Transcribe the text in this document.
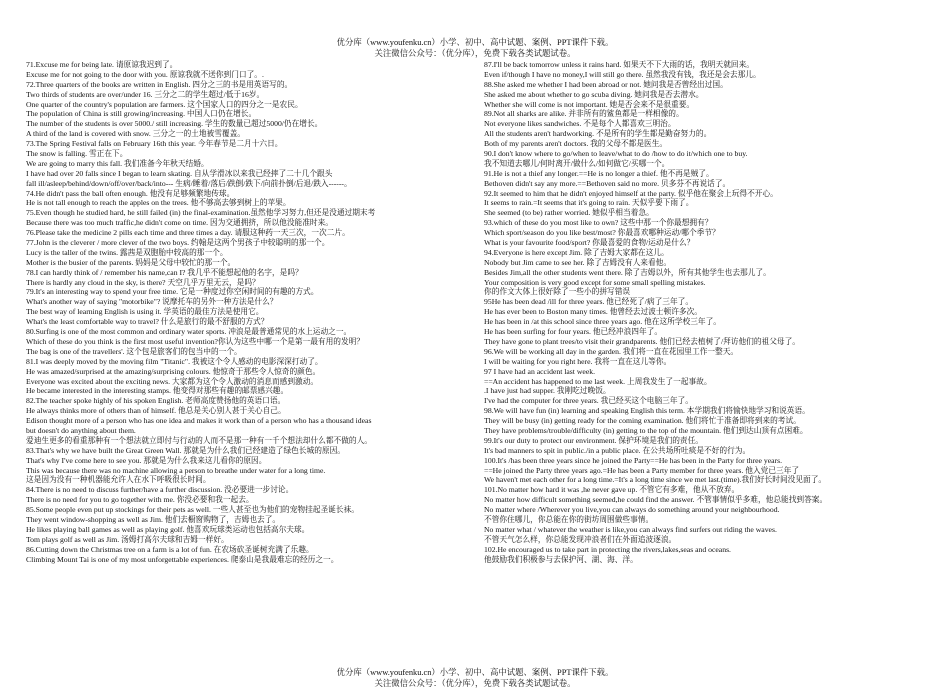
优分库（www.youfenku.cn）小学、初中、高中试题、案例、PPT课件下载。
关注微信公众号：（优分库），免费下载各类试题试卷。
71.Excuse me for being late. 请原谅我迟到了。
Excuse me for not going to the door with you. 原谅我就不送你到门口了。.
72.Three quarters of the books are written in English. 四分之三的书是用英语写的。
Two thirds of students are over/under 16. 三分之二的学生超过/低于16岁。
One quarter of the country's population are farmers. 这个国家人口的四分之一是农民。
The population of China is still growing/increasing. 中国人口仍在增长。
The number of the students is over 5000./ still increasing. 学生的数量已超过5000/仍在增长。
A third of the land is covered with snow. 三分之一的土地被雪覆盖。
73.The Spring Festival falls on February 16th this year. 今年春节是二月十六日。
The snow is falling. 雪正在下。
We are going to marry this fall. 我们准备今年秋天结婚。
I have had over 20 falls since I began to learn skating. 自从学滑冰以来我已经摔了二十几个跟头
fall ill/asleep/behind/down/off/over/back/into--- 生病/睡着/落后/跌倒/跌下/向前扑倒/后退/跌入------。
74.He didn't pass the ball often enough. 他没有足够频繁地传球。
He is not tall enough to reach the apples on the trees. 他不够高去够到树上的苹果。
75.Even though he studied hard, he still failed (in) the final-examination.虽然他学习努力,但还是没通过期末考
Because there was too much traffic,he didn't come on time. 因为交通拥挤，所以他没能准时来。
76.Please take the medicine 2 pills each time and three times a day. 请服这种药一天三次，一次二片。
77.John is the cleverer / more clever of the two boys. 约翰是这两个男孩子中较聪明的那一个。
Lucy is the taller of the twins. 露茜是双胞胎中较高的那一个。
Mother is the busier of the parents. 妈妈是父母中较忙的那一个。
78.I can hardly think of / remember his name,can I? 我几乎不能想起他的名字，是吗？
There is hardly any cloud in the sky, is there? 天空几乎万里无云，是吗？
79.It's an interesting way to spend your free time. 它是一种度过你空闲时间的有趣的方式。
What's another way of saying "motorbike"? 说摩托车的另外一种方法是什么？
The best way of learning English is using it. 学英语的最佳方法是使用它。
What's the least comfortable way to travel? 什么是旅行的最不舒服的方式？
80.Surfing is one of the most common and ordinary water sports. 冲浪是最普通常见的水上运动之一。
Which of these do you think is the first most useful invention?你认为这些中哪一个是第一最有用的发明？
The bag is one of the travellers'. 这个包是旅客们的包当中的一个。
81.I was deeply moved by the moving film "Titanic". 我被这个令人感动的电影深深打动了。
He was amazed/surprised at the amazing/surprising colours. 他惊奇于那些令人惊奇的颜色。
Everyone was excited about the exciting news. 大家都为这个令人激动的消息而感到激动。
He became interested in the interesting stamps. 他变得对那些有趣的邮票感兴趣。
82.The teacher spoke highly of his spoken English. 老师高度赞扬他的英语口语。
He always thinks more of others than of himself. 他总是关心别人甚于关心自己。
Edison thought more of a person who has one idea and makes it work than of a person who has a thousand ideas
but doesn't do anything about them.
爱迪生更多的看重那种有一个想法就立即付与行动的人而不是那一种有一千个想法却什么都不做的人。
83.That's why we have built the Great Green Wall. 那就是为什么我们已经建造了绿色长城的原因。
That's why I've come here to see you. 那就是为什么我来这儿看你的原因。
This was because there was no machine allowing a person to breathe under water for a long time.
这是因为没有一种机器能允许人在水下呼吸很长时间。
84.There is no need to discuss further/have a further discussion. 没必要进一步讨论。
There is no need for you to go together with me. 你没必要和我一起去。
85.Some people even put up stockings for their pets as well. 一些人甚至也为他们的宠物挂起圣诞长袜。
They went window-shopping as well as Jim. 他们去橱窗购物了，吉姆也去了。
He likes playing ball games as well as playing golf. 他喜欢玩球类运动也包括高尔夫球。
Tom plays golf as well as Jim. 汤姆打高尔夫球和吉姆一样好。
86.Cutting down the Christmas tree on a farm is a lot of fun. 在农场砍圣诞树充满了乐趣。
Climbing Mount Tai is one of my most unforgettable experiences. 爬泰山是我最难忘的经历之一。
87.I'll be back tomorrow unless it rains hard. 如果天不下大雨的话，我明天就回来。
Even if/though I have no money,I will still go there. 虽然我没有钱，我还是会去那儿。
88.She asked me whether I had been abroad or not. 她问我是否曾经出过国。
She asked me about whether to go scuba diving. 她问我是否去潜水。
Whether she will come is not important. 她是否会来不是很重要。
89.Not all sharks are alike. 并非所有的鲨鱼都是一样相像的。
Not everyone likes sandwiches. 不是每个人都喜欢三明治。
All the students aren't hardworking. 不是所有的学生都是勤奋努力的。
Both of my parents aren't doctors. 我的父母不都是医生。
90.I don't know where to go/when to leave/what to do /how to do it/which one to buy.
我不知道去哪儿/何时离开/做什么/如何做它/买哪一个。
91.He is not a thief any longer.==He is no longer a thief. 他不再是贼了。
Bethoven didn't say any more.==Bethoven said no more. 贝多芬不再说话了。
92.It seemed to him that he didn't enjoyed himself at the party. 似乎他在聚会上玩得不开心。
It seems to rain.=It seems that it's going to rain. 天似乎要下雨了。
She seemed (to be) rather worried. 她似乎相当着急。
93.which of these do you most like to own? 这些中那一个你最想拥有？
Which sport/season do you like best/most? 你最喜欢哪种运动/哪个季节？
What is your favourite food/sport? 你最喜爱的食物/运动是什么？
94.Everyone is here except Jim. 除了吉姆大家都在这儿。
Nobody but Jim came to see her. 除了吉姆没有人来看他。
Besides Jim,all the other students went there. 除了吉姆以外，所有其他学生也去那儿了。
Your composition is very good except for some small spelling mistakes.
你的作文大体上很好除了一些小的拼写错误
95He has been dead /ill for three years. 他已经死了/病了三年了。
He has ever been to Boston many times. 他曾经去过波士顿许多次。
He has been in /at this school since three years ago. 他在这所学校三年了。
He has been surfing for four years. 他已经冲浪四年了。
They have gone to plant trees/to visit their grandparents. 他们已经去植树了/拜访他们的祖父母了。
96.We will be working all day in the garden. 我们将一直在花园里工作一整天。
I will be waiting for you right here. 我将一直在这儿等你。
97 I have had an accident last week.
==An accident has happened to me last week. 上周我发生了一起事故。
.I have just had supper. 我刚吃过晚饭。
I've had the computer for three years. 我已经买这个电脑三年了。
98.We will have fun (in) learning and speaking English this term. 本学期我们将愉快地学习和说英语。
They will be busy (in) getting ready for the coming examination. 他们将忙于准备即将到来的考试。
They have problems/trouble/difficulty (in) getting to the top of the mountain. 他们到达山顶有点困难。
99.It's our duty to protect our environment. 保护环境是我们的责任。
It's bad manners to spit in public./in a public place. 在公共场所吐痰是不好的行为。
100.It's /has been three years since he joined the Party==He has been in the Party for three years.
==He joined the Party three years ago.=He has been a Party member for three years. 他入党已三年了
We haven't met each other for a long time.=It's a long time since we met last.(time).我们好长时间没见面了。
101.No matter how hard it was ,he never gave up. 不管它有多难，他从不放弃。
No matter how difficult something seemed,he could find the answer. 不管事情似乎多难，他总能找到答案。
No matter where /Wherever you live,you can always do something around your neighbourhood.
不管你住哪儿，你总能在你的街坊周围做些事情。
No matter what / whatever the weather is like,you can always find surfers out riding the waves.
不管天气怎么样，你总能发现冲浪者们在外面追波逐浪。
102.He encouraged us to take part in protecting the rivers,lakes,seas and oceans.
他鼓励我们积极参与去保护河、湖、海、洋。
优分库（www.youfenku.cn）小学、初中、高中试题、案例、PPT课件下载。
关注微信公众号：（优分库），免费下载各类试题试卷。
